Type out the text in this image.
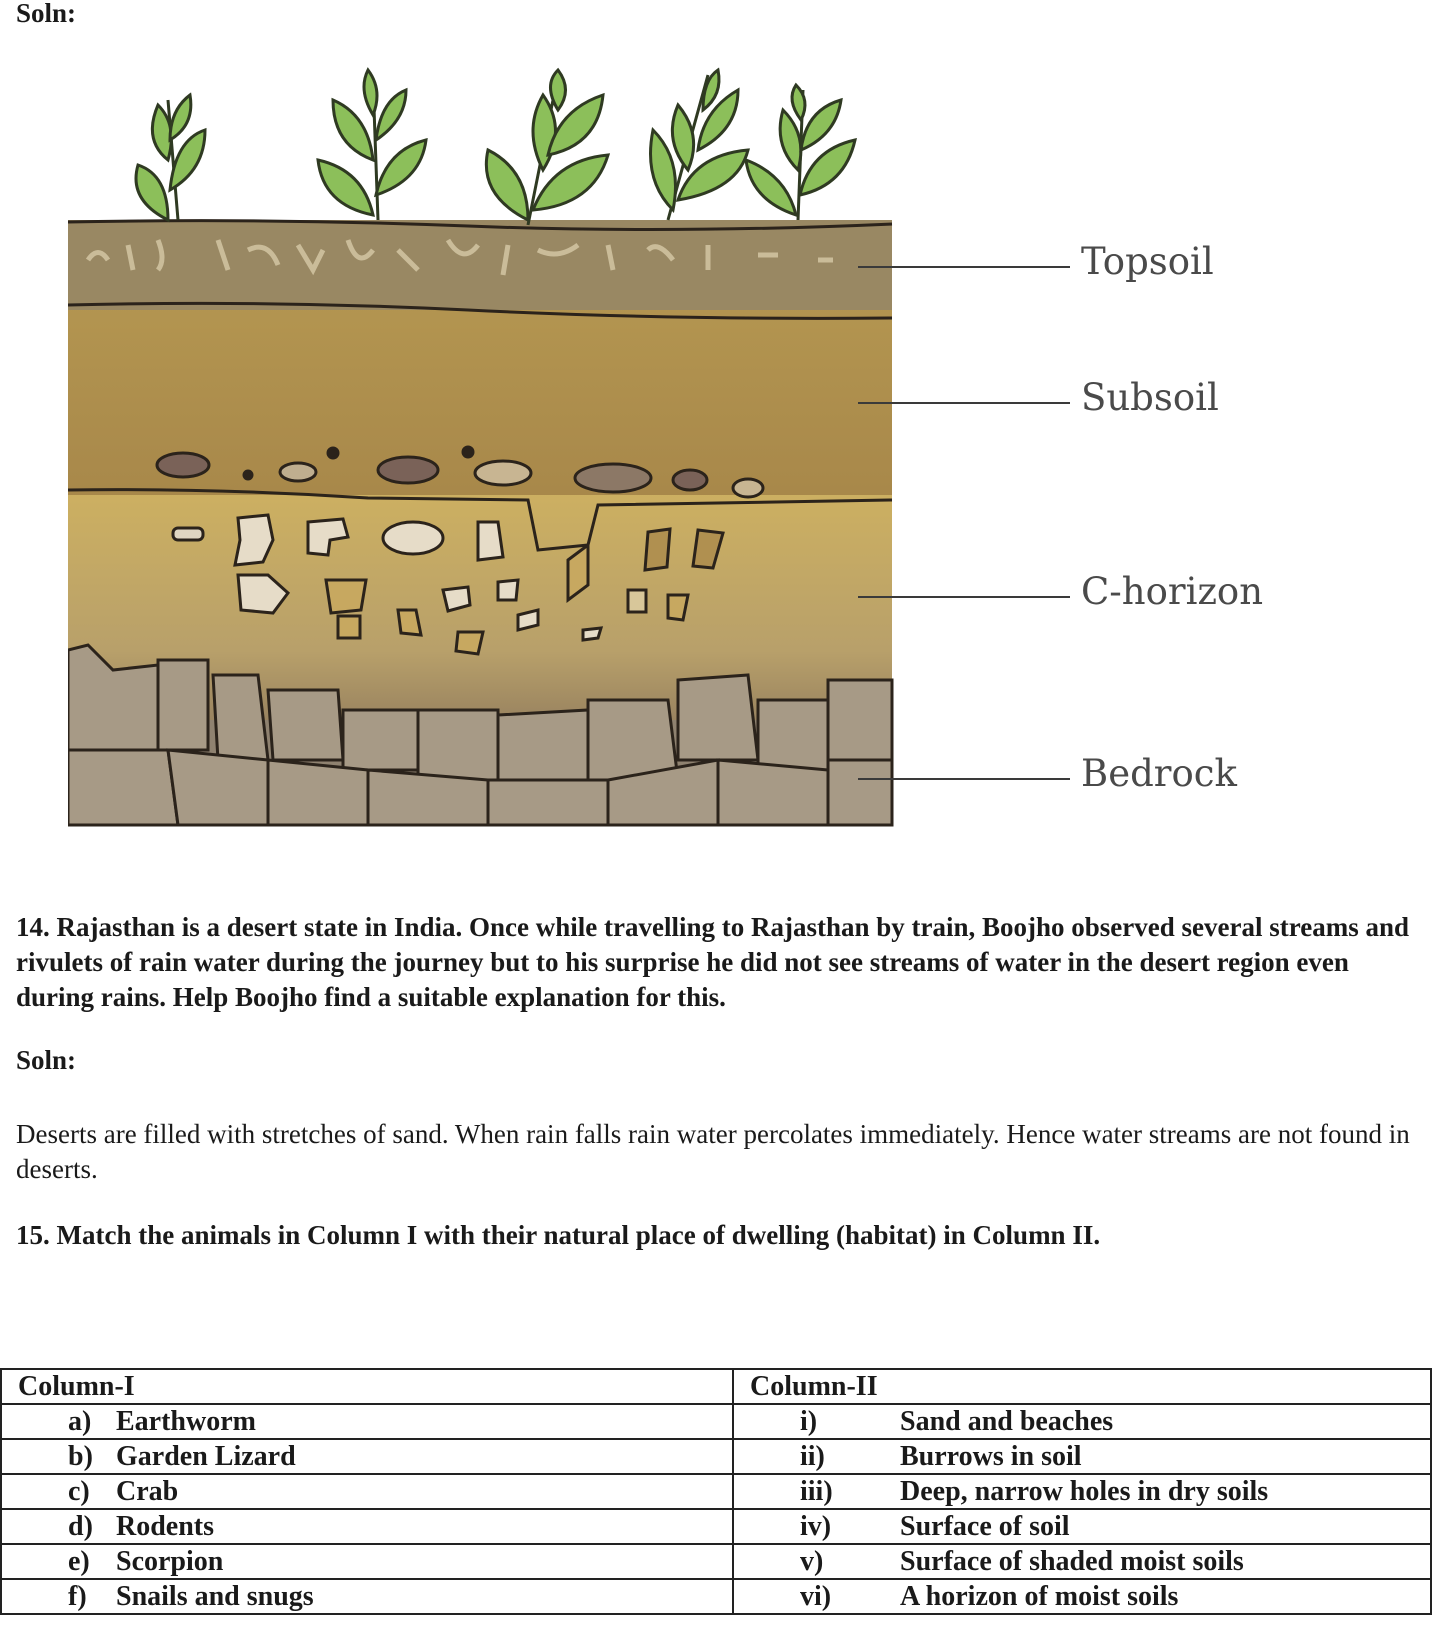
Soln:
Topsoil
Subsoil
C-horizon
Bedrock
14. Rajasthan is a desert state in India. Once while travelling to Rajasthan by train, Boojho observed several streams and rivulets of rain water during the journey but to his surprise he did not see streams of water in the desert region even during rains. Help Boojho find a suitable explanation for this.
Soln:
Deserts are filled with stretches of sand. When rain falls rain water percolates immediately. Hence water streams are not found in deserts.
15. Match the animals in Column I with their natural place of dwelling (habitat) in Column II.
Column-I	Column-II
a) Earthworm	i) Sand and beaches
b) Garden Lizard	ii) Burrows in soil
c) Crab	iii) Deep, narrow holes in dry soils
d) Rodents	iv) Surface of soil
e) Scorpion	v) Surface of shaded moist soils
f) Snails and snugs	vi) A horizon of moist soils
